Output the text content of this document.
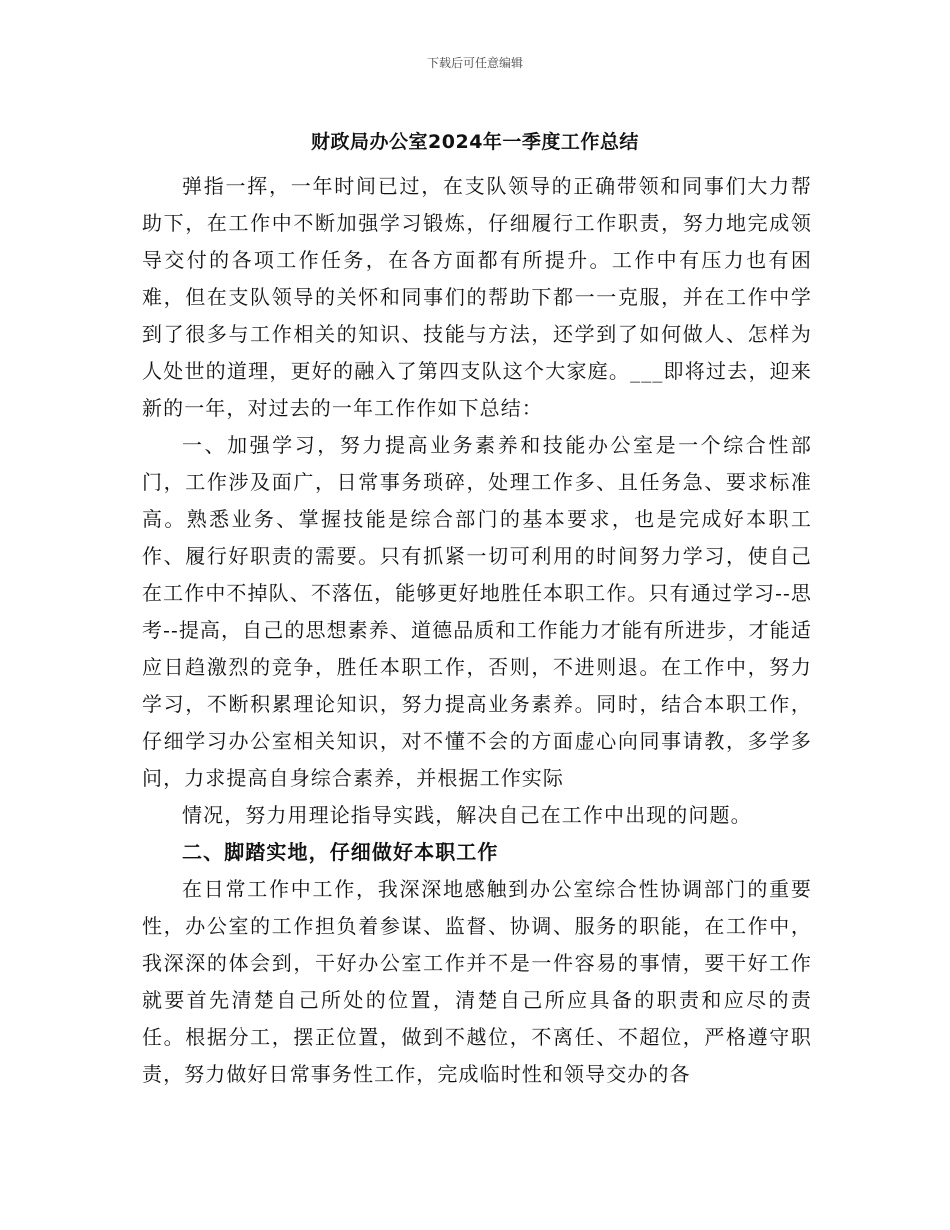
下载后可任意编辑
财政局办公室2024年一季度工作总结

弹指一挥，一年时间已过，在支队领导的正确带领和同事们大力帮助下，在工作中不断加强学习锻炼，仔细履行工作职责，努力地完成领导交付的各项工作任务，在各方面都有所提升。工作中有压力也有困难，但在支队领导的关怀和同事们的帮助下都一一克服，并在工作中学到了很多与工作相关的知识、技能与方法，还学到了如何做人、怎样为人处世的道理，更好的融入了第四支队这个大家庭。___即将过去，迎来新的一年，对过去的一年工作作如下总结：

一、加强学习，努力提高业务素养和技能办公室是一个综合性部门，工作涉及面广，日常事务琐碎，处理工作多、且任务急、要求标准高。熟悉业务、掌握技能是综合部门的基本要求，也是完成好本职工作、履行好职责的需要。只有抓紧一切可利用的时间努力学习，使自己在工作中不掉队、不落伍，能够更好地胜任本职工作。只有通过学习--思考--提高，自己的思想素养、道德品质和工作能力才能有所进步，才能适应日趋激烈的竞争，胜任本职工作，否则，不进则退。在工作中，努力学习，不断积累理论知识，努力提高业务素养。同时，结合本职工作，仔细学习办公室相关知识，对不懂不会的方面虚心向同事请教，多学多问，力求提高自身综合素养，并根据工作实际

情况，努力用理论指导实践，解决自己在工作中出现的问题。

二、脚踏实地，仔细做好本职工作

在日常工作中工作，我深深地感触到办公室综合性协调部门的重要性，办公室的工作担负着参谋、监督、协调、服务的职能，在工作中，我深深的体会到，干好办公室工作并不是一件容易的事情，要干好工作就要首先清楚自己所处的位置，清楚自己所应具备的职责和应尽的责任。根据分工，摆正位置，做到不越位，不离任、不超位，严格遵守职责，努力做好日常事务性工作，完成临时性和领导交办的各
